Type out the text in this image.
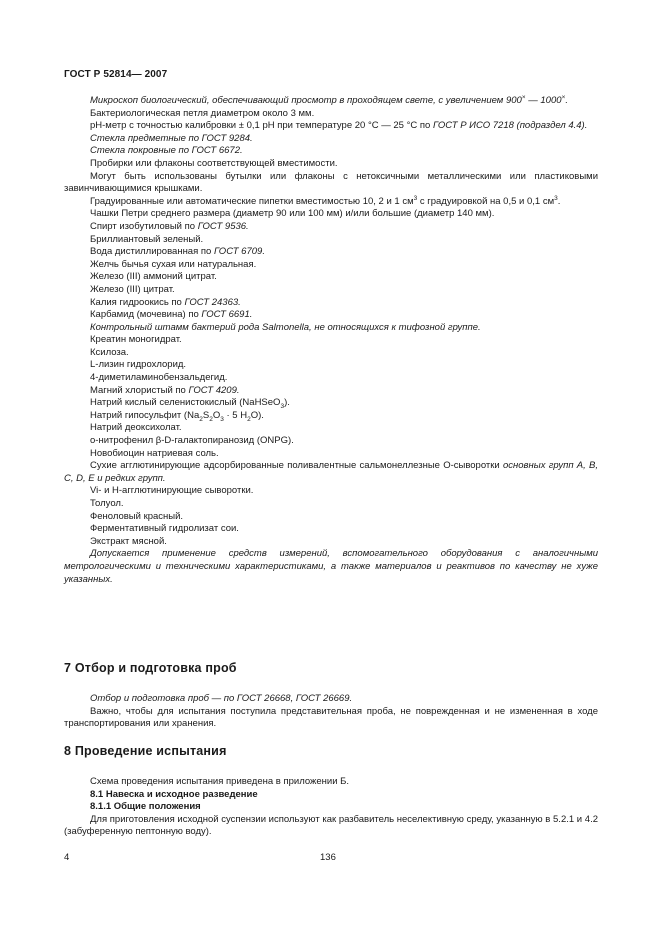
ГОСТ Р 52814— 2007

Микроскоп биологический, обеспечивающий просмотр в проходящем свете, с увеличением 900× — 1000×.

Бактериологическая петля диаметром около 3 мм.

pH-метр с точностью калибровки ± 0,1 pH при температуре 20 °С — 25 °С по ГОСТ Р ИСО 7218 (подраздел 4.4).

Стекла предметные по ГОСТ 9284.

Стекла покровные по ГОСТ 6672.

Пробирки или флаконы соответствующей вместимости.

Могут быть использованы бутылки или флаконы с нетоксичными металлическими или пластиковыми завинчивающимися крышками.

Градуированные или автоматические пипетки вместимостью 10, 2 и 1 $см^3$ с градуировкой на 0,5 и 0,1 $см^3$.

Чашки Петри среднего размера (диаметр 90 или 100 мм) и/или большие (диаметр 140 мм).

Спирт изобутиловый по ГОСТ 9536.

Бриллиантовый зеленый.

Вода дистиллированная по ГОСТ 6709.

Желчь бычья сухая или натуральная.

Железо (III) аммоний цитрат.

Железо (III) цитрат.

Калия гидроокись по ГОСТ 24363.

Карбамид (мочевина) по ГОСТ 6691.

Контрольный штамм бактерий рода Salmonella, не относящихся к тифозной группе.

Креатин моногидрат.

Ксилоза.

L-лизин гидрохлорид.

4-диметиламинобензальдегид.

Магний хлористый по ГОСТ 4209.

Натрий кислый селенистокислый (NaHSeO$_3$).

Натрий гипосульфит ($Na_2S_2O_3 \cdot 5$ $H_2O$).

Натрий деоксихолат.

о-нитрофенил β-D-галактопиранозид (ONPG).

Новобиоцин натриевая соль.

Сухие агглютинирующие адсорбированные поливалентные сальмонеллезные О-сыворотки основных групп А, В, С, D, Е и редких групп.

Vi- и Н-агглютинирующие сыворотки.

Толуол.

Феноловый красный.

Ферментативный гидролизат сои.

Экстракт мясной.

Допускается применение средств измерений, вспомогательного оборудования с аналогичными метрологическими и техническими характеристиками, а также материалов и реактивов по качеству не хуже указанных.

7 Отбор и подготовка проб

Отбор и подготовка проб — по ГОСТ 26668, ГОСТ 26669.

Важно, чтобы для испытания поступила представительная проба, не поврежденная и не измененная в ходе транспортирования или хранения.

8 Проведение испытания

Схема проведения испытания приведена в приложении Б.

8.1 Навеска и исходное разведение

8.1.1 Общие положения

Для приготовления исходной суспензии используют как разбавитель неселективную среду, указанную в 5.2.1 и 4.2 (забуференную пептонную воду).

4	136
